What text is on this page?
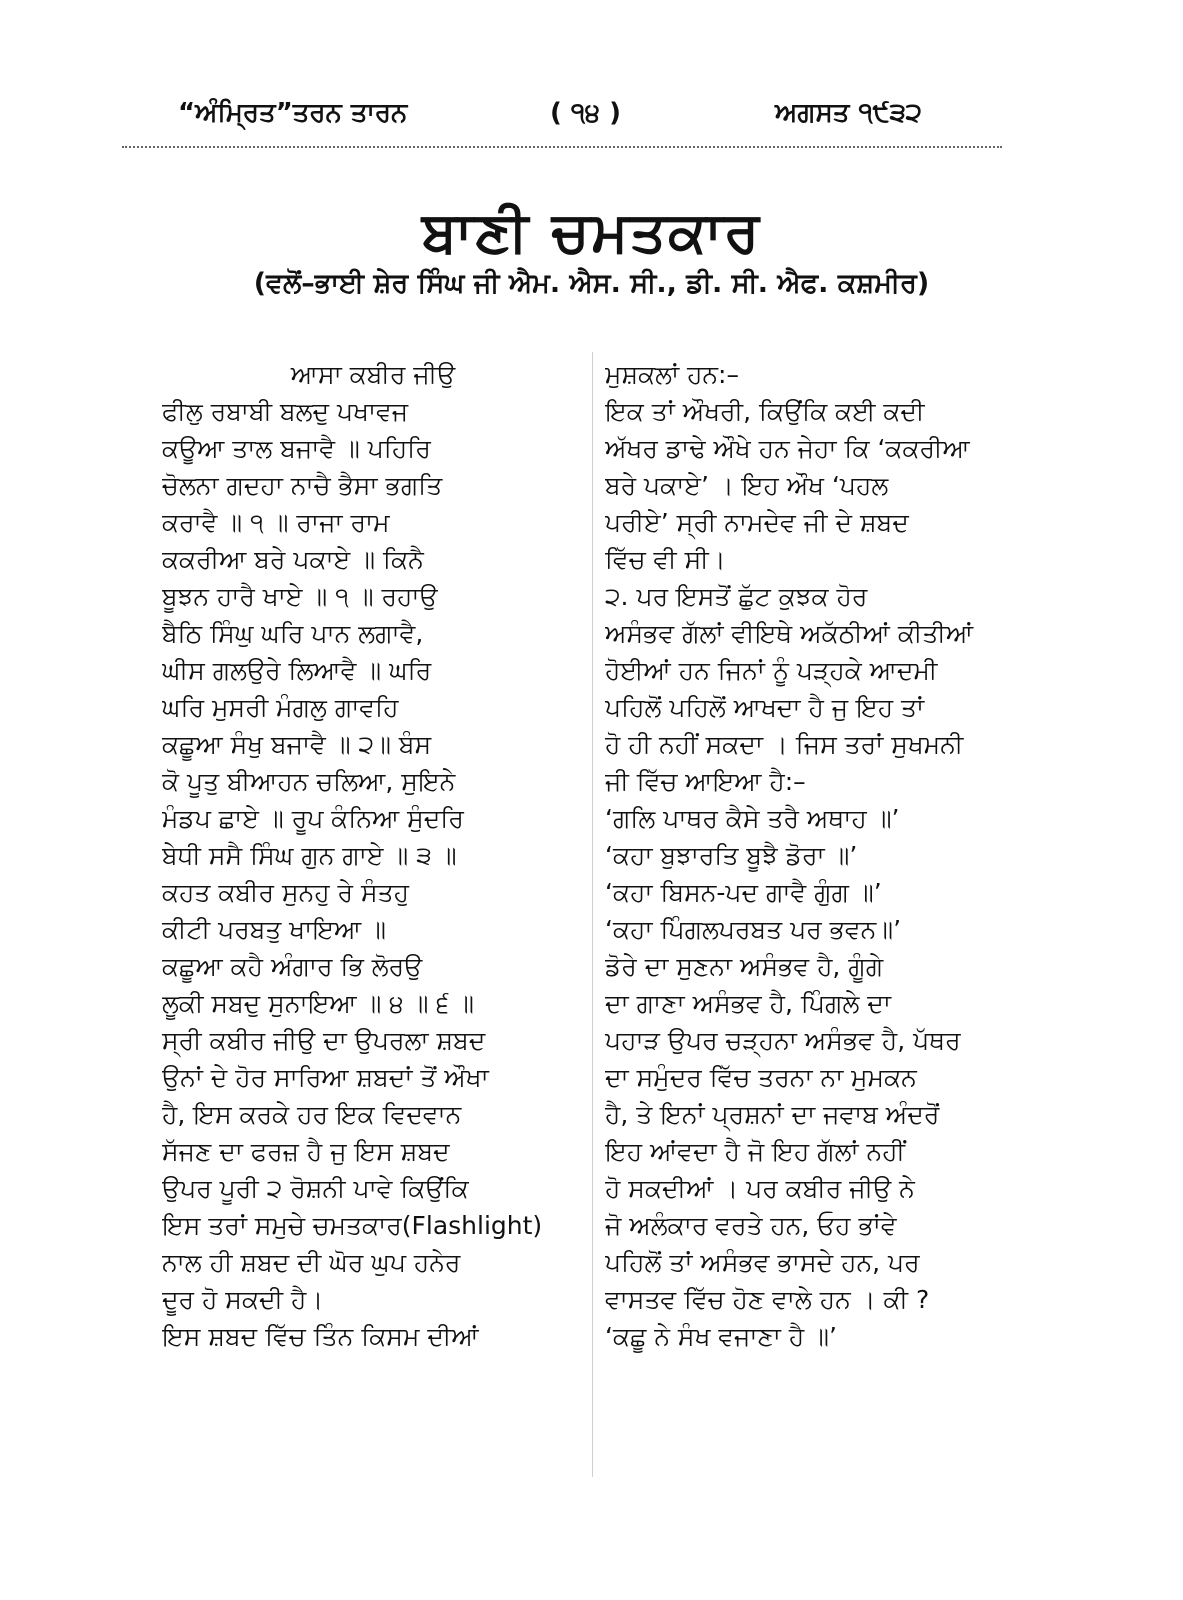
“ਅੰਮ੍ਰਿਤ”ਤਰਨ ਤਾਰਨ	( ੧੪ )	ਅਗਸਤ ੧੯੩੨
ਬਾਣੀ ਚਮਤਕਾਰ
(ਵਲੋਂ–ਭਾਈ ਸ਼ੇਰ ਸਿੰਘ ਜੀ ਐਮ. ਐਸ. ਸੀ., ਡੀ. ਸੀ. ਐਫ. ਕਸ਼ਮੀਰ)
ਆਸਾ ਕਬੀਰ ਜੀਉ
ਫੀਲੁ ਰਬਾਬੀ ਬਲਦੁ ਪਖਾਵਜ
ਕਊਆ ਤਾਲ ਬਜਾਵੈ ॥ ਪਹਿਰਿ
ਚੋਲਨਾ ਗਦਹਾ ਨਾਚੈ ਭੈਸਾ ਭਗਤਿ
ਕਰਾਵੈ ॥ ੧ ॥ ਰਾਜਾ ਰਾਮ
ਕਕਰੀਆ ਬਰੇ ਪਕਾਏ ॥ ਕਿਨੈ
ਬੂਝਨ ਹਾਰੈ ਖਾਏ ॥ ੧ ॥ ਰਹਾਉ
ਬੈਠਿ ਸਿੰਘੁ ਘਰਿ ਪਾਨ ਲਗਾਵੈ,
ਘੀਸ ਗਲਉਰੇ ਲਿਆਵੈ ॥ ਘਰਿ
ਘਰਿ ਮੁਸਰੀ ਮੰਗਲੁ ਗਾਵਹਿ
ਕਛੂਆ ਸੰਖੁ ਬਜਾਵੈ ॥ ੨॥ ਬੰਸ
ਕੋ ਪੂਤੁ ਬੀਆਹਨ ਚਲਿਆ, ਸੁਇਨੇ
ਮੰਡਪ ਛਾਏ ॥ ਰੂਪ ਕੰਨਿਆ ਸੁੰਦਰਿ
ਬੇਧੀ ਸਸੈ ਸਿੰਘ ਗੁਨ ਗਾਏ ॥ ੩ ॥
ਕਹਤ ਕਬੀਰ ਸੁਨਹੁ ਰੇ ਸੰਤਹੁ
ਕੀਟੀ ਪਰਬਤੁ ਖਾਇਆ ॥
ਕਛੂਆ ਕਹੈ ਅੰਗਾਰ ਭਿ ਲੋਰਉ
ਲੂਕੀ ਸਬਦੁ ਸੁਨਾਇਆ ॥ ੪ ॥ ੬ ॥
ਸ੍ਰੀ ਕਬੀਰ ਜੀਉ ਦਾ ਉਪਰਲਾ ਸ਼ਬਦ
ਉਨਾਂ ਦੇ ਹੋਰ ਸਾਰਿਆ ਸ਼ਬਦਾਂ ਤੋਂ ਔਖਾ
ਹੈ, ਇਸ ਕਰਕੇ ਹਰ ਇਕ ਵਿਦਵਾਨ
ਸੱਜਣ ਦਾ ਫਰਜ਼ ਹੈ ਜੁ ਇਸ ਸ਼ਬਦ
ਉਪਰ ਪੂਰੀ ੨ ਰੋਸ਼ਨੀ ਪਾਵੇ ਕਿਉਂਕਿ
ਇਸ ਤਰਾਂ ਸਮੁਚੇ ਚਮਤਕਾਰ(Flashlight)
ਨਾਲ ਹੀ ਸ਼ਬਦ ਦੀ ਘੋਰ ਘੁਪ ਹਨੇਰ
ਦੂਰ ਹੋ ਸਕਦੀ ਹੈ।
ਇਸ ਸ਼ਬਦ ਵਿੱਚ ਤਿੰਨ ਕਿਸਮ ਦੀਆਂ
ਮੁਸ਼ਕਲਾਂ ਹਨ:–
ਇਕ ਤਾਂ ਔਖਰੀ, ਕਿਉਂਕਿ ਕਈ ਕਦੀ
ਅੱਖਰ ਡਾਢੇ ਔਖੇ ਹਨ ਜੇਹਾ ਕਿ ‘ਕਕਰੀਆ
ਬਰੇ ਪਕਾਏ’ । ਇਹ ਔਖ ‘ਪਹਲ
ਪਰੀਏ’ ਸ੍ਰੀ ਨਾਮਦੇਵ ਜੀ ਦੇ ਸ਼ਬਦ
ਵਿੱਚ ਵੀ ਸੀ।
੨. ਪਰ ਇਸਤੋਂ ਛੁੱਟ ਕੁਝਕ ਹੋਰ
ਅਸੰਭਵ ਗੱਲਾਂ ਵੀਇਥੇ ਅਕੱਠੀਆਂ ਕੀਤੀਆਂ
ਹੋਈਆਂ ਹਨ ਜਿਨਾਂ ਨੂੰ ਪੜ੍ਹਕੇ ਆਦਮੀ
ਪਹਿਲੋਂ ਪਹਿਲੋਂ ਆਖਦਾ ਹੈ ਜੁ ਇਹ ਤਾਂ
ਹੋ ਹੀ ਨਹੀਂ ਸਕਦਾ । ਜਿਸ ਤਰਾਂ ਸੁਖਮਨੀ
ਜੀ ਵਿੱਚ ਆਇਆ ਹੈ:–
‘ਗਲਿ ਪਾਥਰ ਕੈਸੇ ਤਰੈ ਅਥਾਹ ॥’
‘ਕਹਾ ਬੁਝਾਰਤਿ ਬੂਝੈ ਡੋਰਾ ॥’
‘ਕਹਾ ਬਿਸਨ-ਪਦ ਗਾਵੈ ਗੁੰਗ ॥’
‘ਕਹਾ ਪਿੰਗਲਪਰਬਤ ਪਰ ਭਵਨ॥’
ਡੋਰੇ ਦਾ ਸੁਣਨਾ ਅਸੰਭਵ ਹੈ, ਗੂੰਗੇ
ਦਾ ਗਾਣਾ ਅਸੰਭਵ ਹੈ, ਪਿੰਗਲੇ ਦਾ
ਪਹਾੜ ਉਪਰ ਚੜ੍ਹਨਾ ਅਸੰਭਵ ਹੈ, ਪੱਥਰ
ਦਾ ਸਮੁੰਦਰ ਵਿੱਚ ਤਰਨਾ ਨਾ ਮੁਮਕਨ
ਹੈ, ਤੇ ਇਨਾਂ ਪ੍ਰਸ਼ਨਾਂ ਦਾ ਜਵਾਬ ਅੰਦਰੋਂ
ਇਹ ਆਂਵਦਾ ਹੈ ਜੋ ਇਹ ਗੱਲਾਂ ਨਹੀਂ
ਹੋ ਸਕਦੀਆਂ । ਪਰ ਕਬੀਰ ਜੀਉ ਨੇ
ਜੋ ਅਲੰਕਾਰ ਵਰਤੇ ਹਨ, ਓਹ ਭਾਂਵੇ
ਪਹਿਲੋਂ ਤਾਂ ਅਸੰਭਵ ਭਾਸਦੇ ਹਨ, ਪਰ
ਵਾਸਤਵ ਵਿੱਚ ਹੋਣ ਵਾਲੇ ਹਨ । ਕੀ ?
‘ਕਛੂ ਨੇ ਸੰਖ ਵਜਾਣਾ ਹੈ ॥’
